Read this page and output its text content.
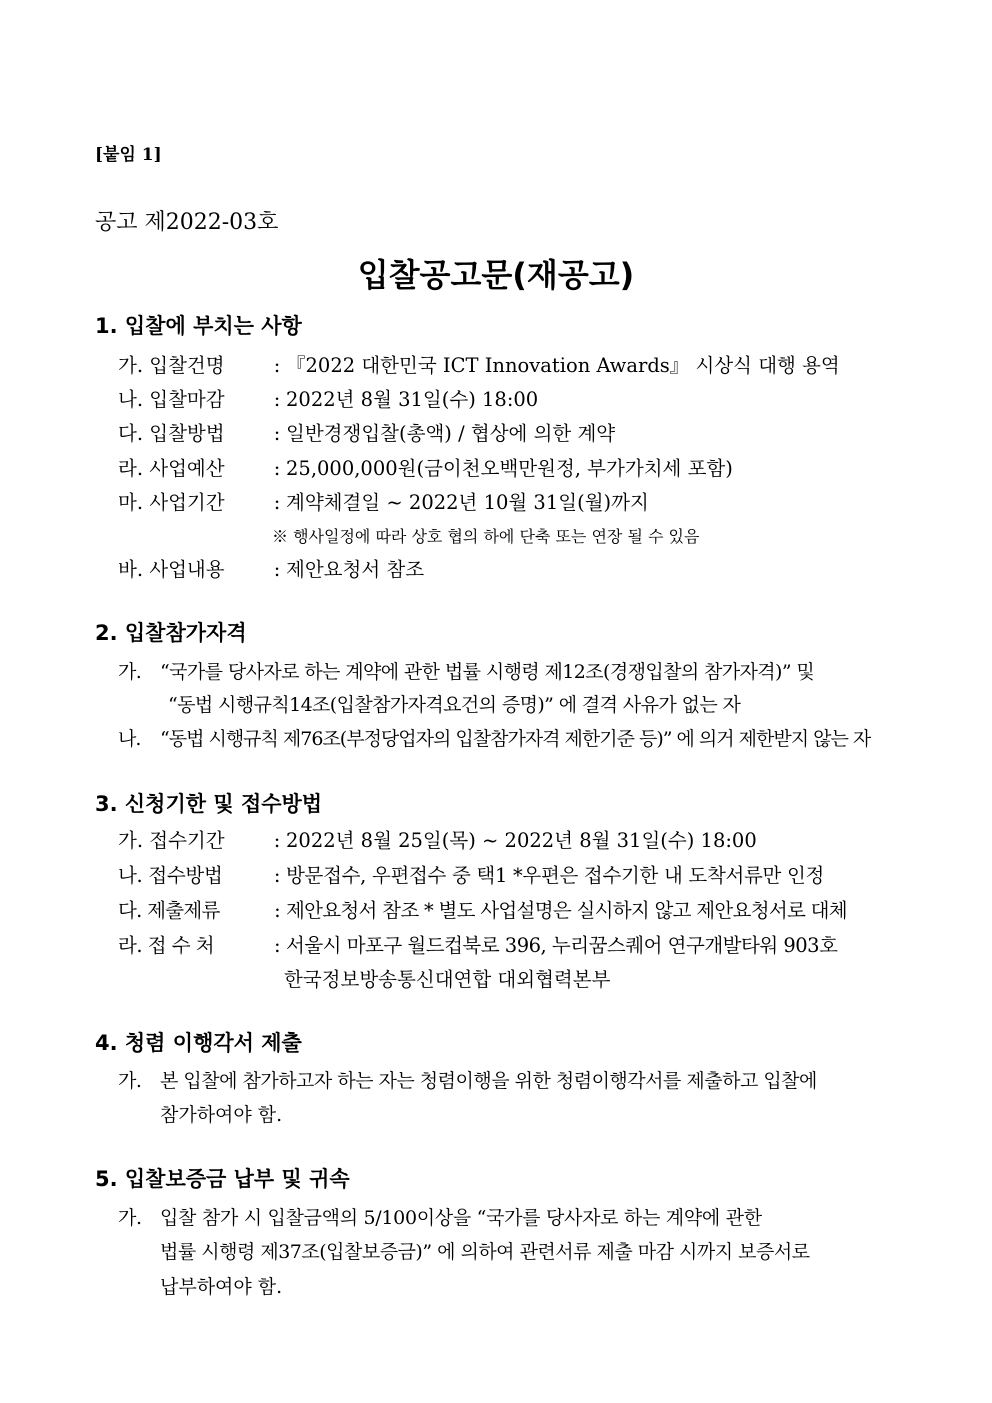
[붙임 1]
공고 제2022-03호
입찰공고문(재공고)
1. 입찰에 부치는 사항
가. 입찰건명	: 『2022 대한민국 ICT Innovation Awards』 시상식 대행 용역
나. 입찰마감	: 2022년 8월 31일(수) 18:00
다. 입찰방법	: 일반경쟁입찰(총액) / 협상에 의한 계약
라. 사업예산	: 25,000,000원(금이천오백만원정, 부가가치세 포함)
마. 사업기간	: 계약체결일 ~ 2022년 10월 31일(월)까지
※ 행사일정에 따라 상호 협의 하에 단축 또는 연장 될 수 있음
바. 사업내용	: 제안요청서 참조
2. 입찰참가자격
가. “국가를 당사자로 하는 계약에 관한 법률 시행령 제12조(경쟁입찰의 참가자격)” 및
“동법 시행규칙14조(입찰참가자격요건의 증명)” 에 결격 사유가 없는 자
나. “동법 시행규칙 제76조(부정당업자의 입찰참가자격 제한기준 등)” 에 의거 제한받지 않는 자
3. 신청기한 및 접수방법
가. 접수기간	: 2022년 8월 25일(목) ~ 2022년 8월 31일(수) 18:00
나. 접수방법	: 방문접수, 우편접수 중 택1 *우편은 접수기한 내 도착서류만 인정
다. 제출제류	: 제안요청서 참조 * 별도 사업설명은 실시하지 않고 제안요청서로 대체
라. 접 수 처	: 서울시 마포구 월드컵북로 396, 누리꿈스퀘어 연구개발타워 903호
한국정보방송통신대연합 대외협력본부
4. 청렴 이행각서 제출
가. 본 입찰에 참가하고자 하는 자는 청렴이행을 위한 청렴이행각서를 제출하고 입찰에
참가하여야 함.
5. 입찰보증금 납부 및 귀속
가. 입찰 참가 시 입찰금액의 5/100이상을 “국가를 당사자로 하는 계약에 관한
법률 시행령 제37조(입찰보증금)” 에 의하여 관련서류 제출 마감 시까지 보증서로
납부하여야 함.
